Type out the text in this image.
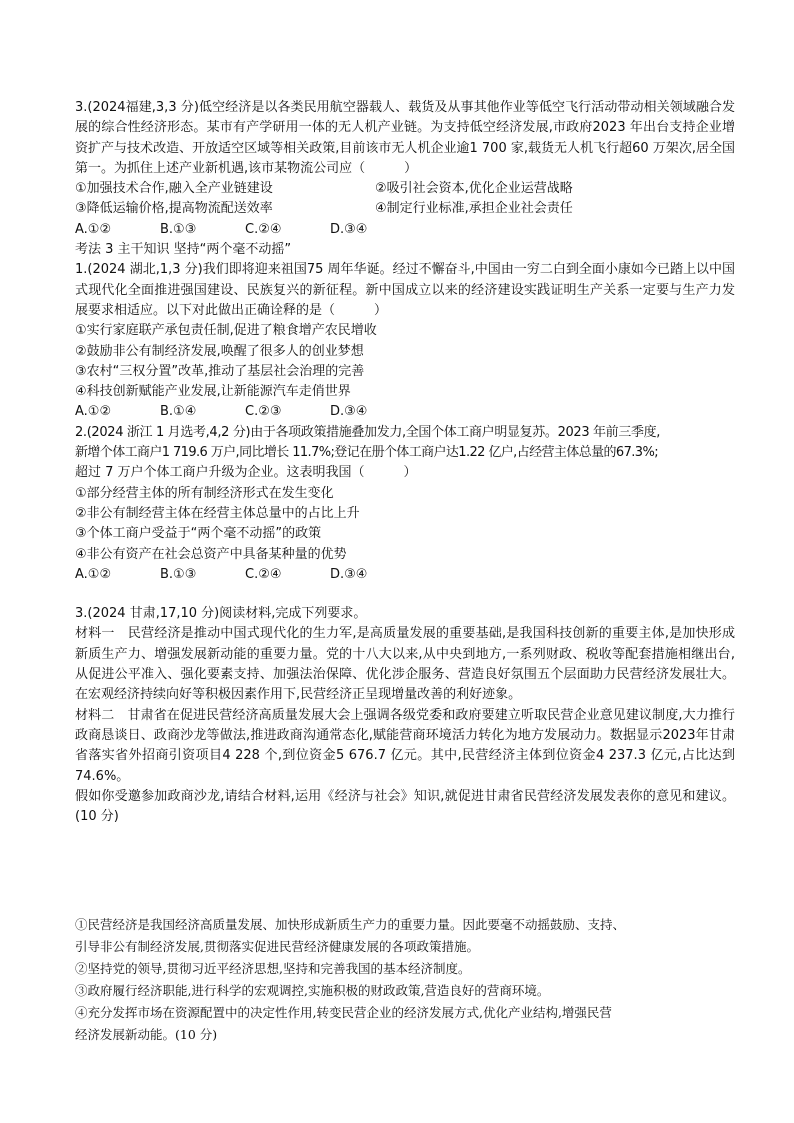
3.(2024福建,3,3 分)低空经济是以各类民用航空器载人、载货及从事其他作业等低空飞行活动带动相关领域融合发展的综合性经济形态。某市有产学研用一体的无人机产业链。为支持低空经济发展,市政府2023 年出台支持企业增资扩产与技术改造、开放适空区域等相关政策,目前该市无人机企业逾1 700 家,载货无人机飞行超60 万架次,居全国第一。为抓住上述产业新机遇,该市某物流公司应（　　　）

①加强技术合作,融入全产业链建设	②吸引社会资本,优化企业运营战略
③降低运输价格,提高物流配送效率	④制定行业标准,承担企业社会责任
A.①②	B.①③	C.②④	D.③④

考法 3 主干知识 坚持“两个毫不动摇”

1.(2024 湖北,1,3 分)我们即将迎来祖国75 周年华诞。经过不懈奋斗,中国由一穷二白到全面小康如今已踏上以中国式现代化全面推进强国建设、民族复兴的新征程。新中国成立以来的经济建设实践证明生产关系一定要与生产力发展要求相适应。以下对此做出正确诠释的是（　　　）

①实行家庭联产承包责任制,促进了粮食增产农民增收

②鼓励非公有制经济发展,唤醒了很多人的创业梦想

③农村“三权分置”改革,推动了基层社会治理的完善

④科技创新赋能产业发展,让新能源汽车走俏世界

A.①②	B.①④	C.②③	D.③④

2.(2024 浙江 1 月选考,4,2 分)由于各项政策措施叠加发力,全国个体工商户明显复苏。2023 年前三季度,

新增个体工商户1 719.6 万户,同比增长 11.7%;登记在册个体工商户达1.22 亿户,占经营主体总量的67.3%;

超过 7 万户个体工商户升级为企业。这表明我国（　　　）

①部分经营主体的所有制经济形式在发生变化

②非公有制经营主体在经营主体总量中的占比上升

③个体工商户受益于“两个毫不动摇”的政策

④非公有资产在社会总资产中具备某种量的优势

A.①②	B.①③	C.②④	D.③④

3.(2024 甘肃,17,10 分)阅读材料,完成下列要求。

材料一　民营经济是推动中国式现代化的生力军,是高质量发展的重要基础,是我国科技创新的重要主体,是加快形成新质生产力、增强发展新动能的重要力量。党的十八大以来,从中央到地方,一系列财政、税收等配套措施相继出台,从促进公平准入、强化要素支持、加强法治保障、优化涉企服务、营造良好氛围五个层面助力民营经济发展壮大。在宏观经济持续向好等积极因素作用下,民营经济正呈现增量改善的利好迹象。

材料二　甘肃省在促进民营经济高质量发展大会上强调各级党委和政府要建立听取民营企业意见建议制度,大力推行政商恳谈日、政商沙龙等做法,推进政商沟通常态化,赋能营商环境活力转化为地方发展动力。数据显示2023年甘肃省落实省外招商引资项目4 228 个,到位资金5 676.7 亿元。其中,民营经济主体到位资金4 237.3 亿元,占比达到74.6%。

假如你受邀参加政商沙龙,请结合材料,运用《经济与社会》知识,就促进甘肃省民营经济发展发表你的意见和建议。(10 分)

①民营经济是我国经济高质量发展、加快形成新质生产力的重要力量。因此要毫不动摇鼓励、支持、

引导非公有制经济发展,贯彻落实促进民营经济健康发展的各项政策措施。

②坚持党的领导,贯彻习近平经济思想,坚持和完善我国的基本经济制度。

③政府履行经济职能,进行科学的宏观调控,实施积极的财政政策,营造良好的营商环境。

④充分发挥市场在资源配置中的决定性作用,转变民营企业的经济发展方式,优化产业结构,增强民营

经济发展新动能。(10 分)
